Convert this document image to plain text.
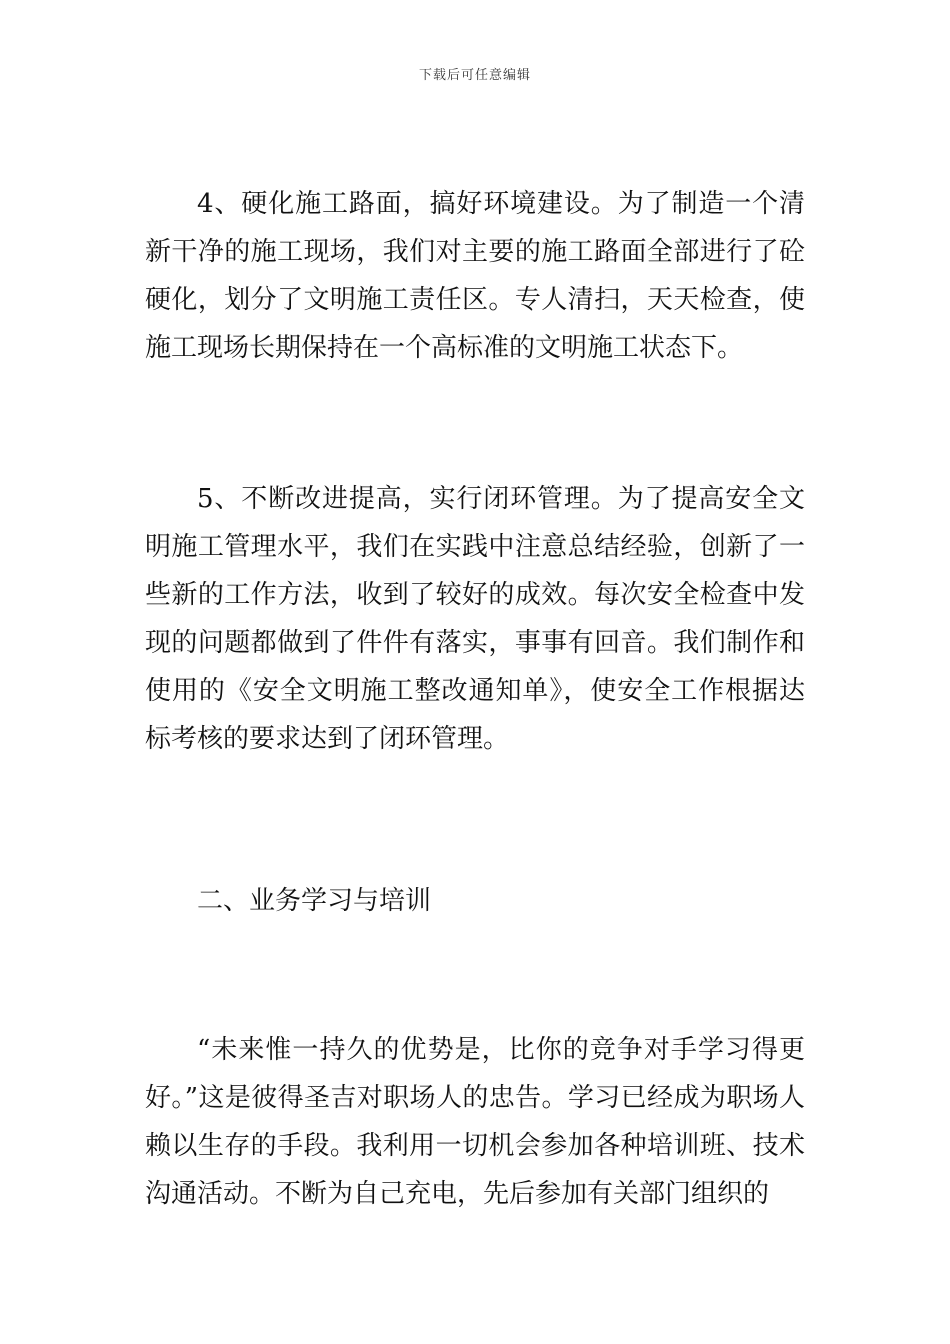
下载后可任意编辑

4、硬化施工路面，搞好环境建设。为了制造一个清新干净的施工现场，我们对主要的施工路面全部进行了砼硬化，划分了文明施工责任区。专人清扫，天天检查，使施工现场长期保持在一个高标准的文明施工状态下。

5、不断改进提高，实行闭环管理。为了提高安全文明施工管理水平，我们在实践中注意总结经验，创新了一些新的工作方法，收到了较好的成效。每次安全检查中发现的问题都做到了件件有落实，事事有回音。我们制作和使用的《安全文明施工整改通知单》，使安全工作根据达标考核的要求达到了闭环管理。

二、业务学习与培训

“未来惟一持久的优势是，比你的竞争对手学习得更好。”这是彼得圣吉对职场人的忠告。学习已经成为职场人赖以生存的手段。我利用一切机会参加各种培训班、技术沟通活动。不断为自己充电，先后参加有关部门组织的
